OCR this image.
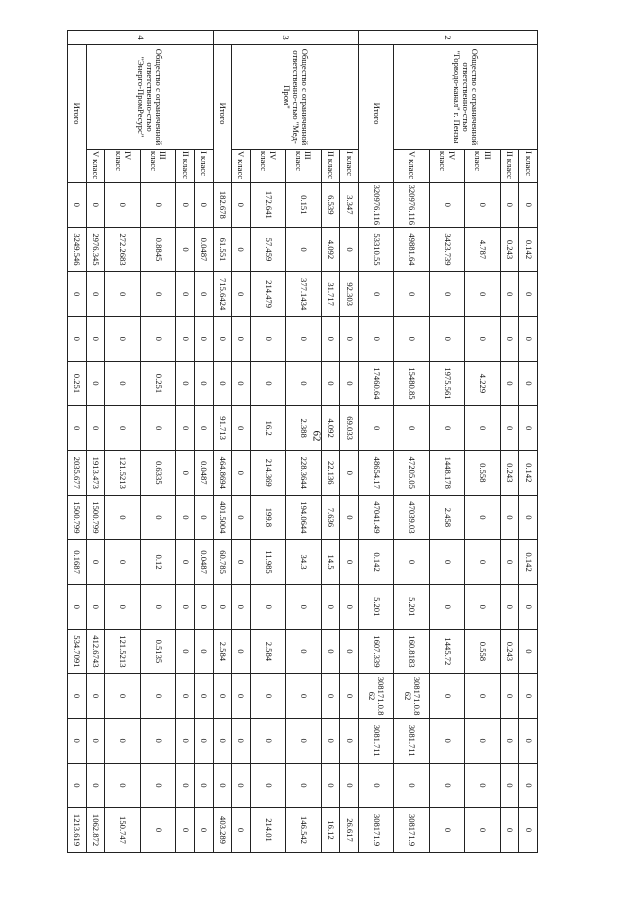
62
2	Общество с ограниченной ответственно-стью "Горводо-канал" г. Пензы	I класс	0	0.142	0	0	0	0	0.142	0	0.142	0	0	0	0	0	0
		II класс	0	0.243	0	0	0	0	0.243	0	0	0	0.243	0	0	0	0
		III класс	0	4.787	0	0	4.229	0	0.558	0	0	0	0.558	0	0	0	0
		IV класс	0	3423.739	0	0	1975.561	0	1448.178	2.458	0	0	1445.72	0	0	0	0
		V класс	320976.116	49881.64	0	0	15480.85	0	47205.05	47039.03	0	5.201	160.8183	308171.0.862	3081.711	0	308171.9
	Итого		320976.116	53310.55	0	0	17460.64	0	48654.17	47041.49	0.142	5.201	1607.339	308171.0.862	3081.711	0	308171.9
3	Общество с ограниченной ответственно-стью "Мед-Пром"	I класс	3.347	0	92.303	0	0	69.033	0	0	0	0	0	0	0	0	26.617
		II класс	6.539	4.092	31.717	0	0	4.092	22.136	7.636	14.5	0	0	0	0	0	16.12
		III класс	0.151	0	377.1434	0	0	2.388	228.3644	194.0644	34.3	0	0	0	0	0	146.542
		IV класс	172.641	57.459	214.479	0	0	16.2	214.369	199.8	11.985	0	2.584	0	0	0	214.01
		V класс	0	0	0	0	0	0	0	0	0	0	0	0	0	0	0
	Итого		182.678	61.551	715.6424	0	0	91.713	464.8694	401.5004	60.785	0	2.584	0	0	0	403.289
4	Общество с ограниченной ответственно-стью "Энерго-ПромРесурс"	I класс	0	0.0487	0	0	0	0	0.0487	0	0.0487	0	0	0	0	0	0
		II класс	0	0	0	0	0	0	0	0	0	0	0	0	0	0	0
		III класс	0	0.8845	0	0	0.251	0	0.6335	0	0.12	0	0.5135	0	0	0	0
		IV класс	0	272.2683	0	0	0	0	121.5213	0	0	0	121.5213	0	0	0	150.747
		V класс	0	2976.345	0	0	0	0	1913.473	1500.799	0	0	412.6743	0	0	0	1062.872
	Итого		0	3249.546	0	0	0.251	0	2035.677	1500.799	0.1687	0	534.7091	0	0	0	1213.619
